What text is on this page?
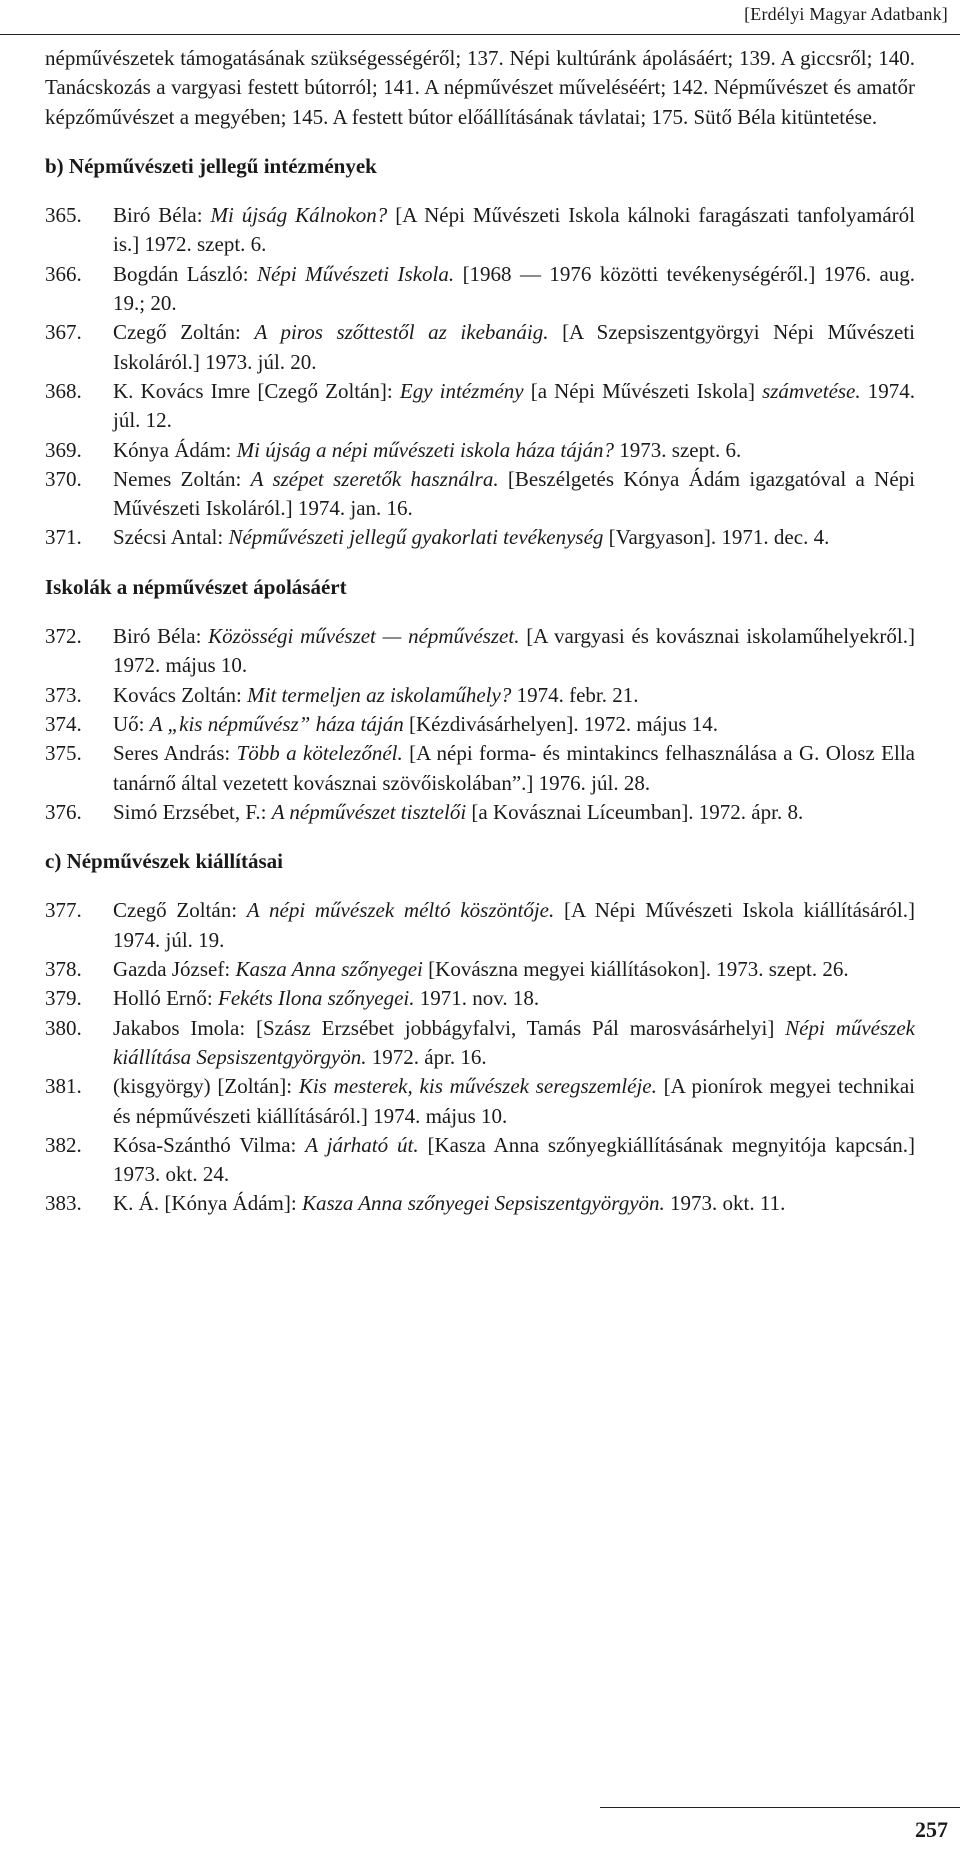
[Erdélyi Magyar Adatbank]

népművészetek támogatásának szükségességéről; 137. Népi kultúránk ápolásáért; 139. A giccsről; 140. Tanácskozás a vargyasi festett bútorról; 141. A népművészet műveléséért; 142. Népművészet és amatőr képzőművészet a megyében; 145. A festett bútor előállításának távlatai; 175. Sütő Béla kitüntetése.

b) Népművészeti jellegű intézmények
365. Biró Béla: Mi újság Kálnokon? [A Népi Művészeti Iskola kálnoki faragászati tanfolyamáról is.] 1972. szept. 6.
366. Bogdán László: Népi Művészeti Iskola. [1968 — 1976 közötti tevékenységéről.] 1976. aug. 19.; 20.
367. Czegő Zoltán: A piros szőttestől az ikebanáig. [A Szepsiszentgyörgyi Népi Művészeti Iskoláról.] 1973. júl. 20.
368. K. Kovács Imre [Czegő Zoltán]: Egy intézmény [a Népi Művészeti Iskola] számvetése. 1974. júl. 12.
369. Kónya Ádám: Mi újság a népi művészeti iskola háza táján? 1973. szept. 6.
370. Nemes Zoltán: A szépet szeretők használra. [Beszélgetés Kónya Ádám igazgatóval a Népi Művészeti Iskoláról.] 1974. jan. 16.
371. Szécsi Antal: Népművészeti jellegű gyakorlati tevékenység [Vargyason]. 1971. dec. 4.
Iskolák a népművészet ápolásáért
372. Biró Béla: Közösségi művészet — népművészet. [A vargyasi és kovásznai iskolaműhelyekről.] 1972. május 10.
373. Kovács Zoltán: Mit termeljen az iskolaműhely? 1974. febr. 21.
374. Uő: A „kis népművész” háza táján [Kézdivásárhelyen]. 1972. május 14.
375. Seres András: Több a kötelezőnél. [A népi forma- és mintakincs felhasználása a G. Olosz Ella tanárnő által vezetett kovásznai szövőiskolában”.] 1976. júl. 28.
376. Simó Erzsébet, F.: A népművészet tisztelői [a Kovásznai Líceumban]. 1972. ápr. 8.
c) Népművészek kiállításai
377. Czegő Zoltán: A népi művészek méltó köszöntője. [A Népi Művészeti Iskola kiállításáról.] 1974. júl. 19.
378. Gazda József: Kasza Anna szőnyegei [Kovászna megyei kiállításokon]. 1973. szept. 26.
379. Holló Ernő: Fekéts Ilona szőnyegei. 1971. nov. 18.
380. Jakabos Imola: [Szász Erzsébet jobbágyfalvi, Tamás Pál marosvásárhelyi] Népi művészek kiállítása Sepsiszentgyörgyön. 1972. ápr. 16.
381. (kisgyörgy) [Zoltán]: Kis mesterek, kis művészek seregszemléje. [A pionírok megyei technikai és népművészeti kiállításáról.] 1974. május 10.
382. Kósa-Szánthó Vilma: A járható út. [Kasza Anna szőnyegkiállításának megnyitója kapcsán.] 1973. okt. 24.
383. K. Á. [Kónya Ádám]: Kasza Anna szőnyegei Sepsiszentgyörgyön. 1973. okt. 11.
257
